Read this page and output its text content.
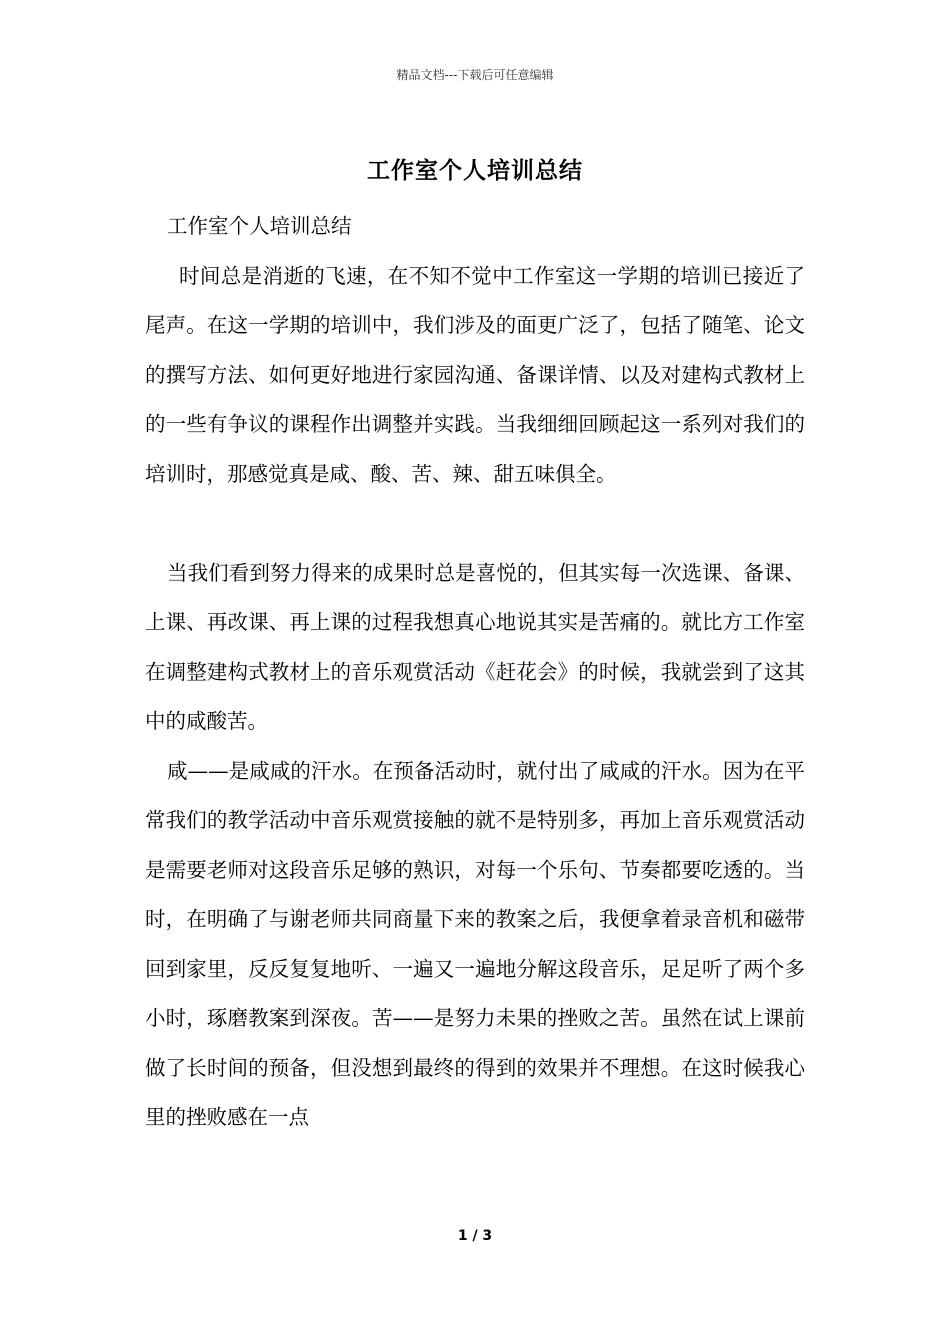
精品文档---下载后可任意编辑
工作室个人培训总结

工作室个人培训总结

时间总是消逝的飞速，在不知不觉中工作室这一学期的培训已接近了尾声。在这一学期的培训中，我们涉及的面更广泛了，包括了随笔、论文的撰写方法、如何更好地进行家园沟通、备课详情、以及对建构式教材上的一些有争议的课程作出调整并实践。当我细细回顾起这一系列对我们的培训时，那感觉真是咸、酸、苦、辣、甜五味俱全。

当我们看到努力得来的成果时总是喜悦的，但其实每一次选课、备课、上课、再改课、再上课的过程我想真心地说其实是苦痛的。就比方工作室在调整建构式教材上的音乐观赏活动《赶花会》的时候，我就尝到了这其中的咸酸苦。

咸——是咸咸的汗水。在预备活动时，就付出了咸咸的汗水。因为在平常我们的教学活动中音乐观赏接触的就不是特别多，再加上音乐观赏活动是需要老师对这段音乐足够的熟识，对每一个乐句、节奏都要吃透的。当时，在明确了与谢老师共同商量下来的教案之后，我便拿着录音机和磁带回到家里，反反复复地听、一遍又一遍地分解这段音乐，足足听了两个多小时，琢磨教案到深夜。苦——是努力未果的挫败之苦。虽然在试上课前做了长时间的预备，但没想到最终的得到的效果并不理想。在这时候我心里的挫败感在一点

1 / 3
